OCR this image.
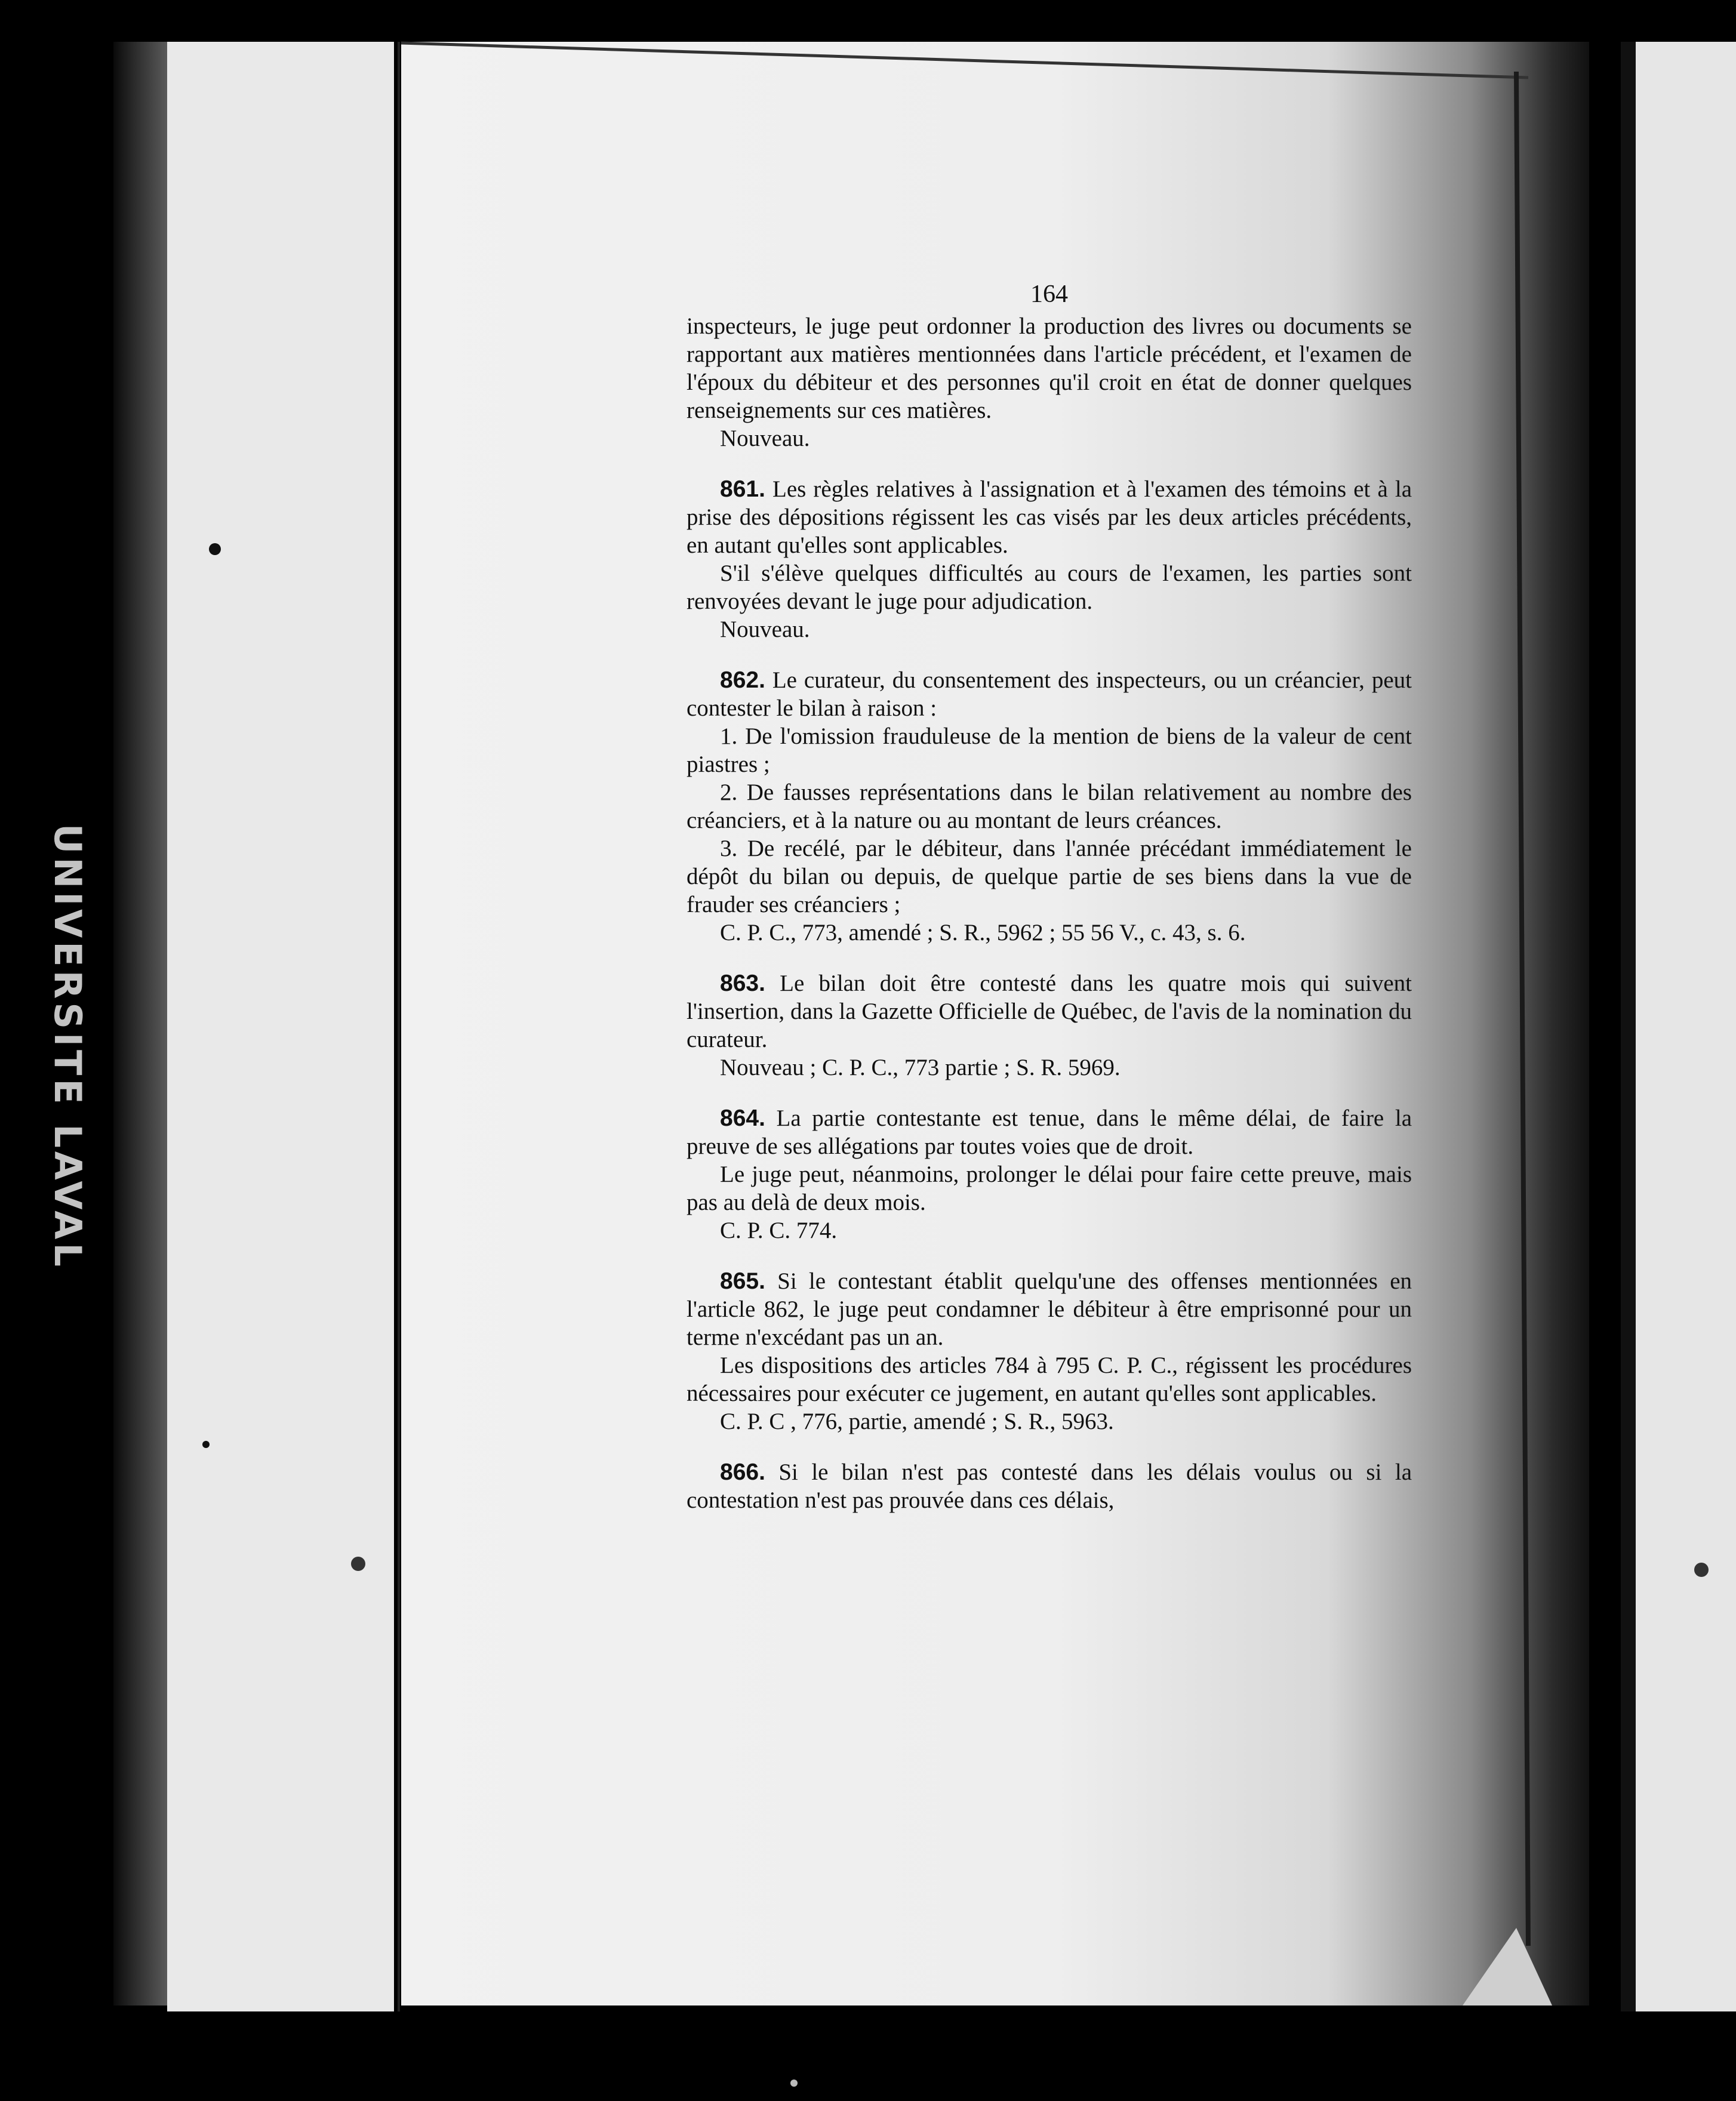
UNIVERSITE LAVAL
164

inspecteurs, le juge peut ordonner la production des livres ou documents se rapportant aux matières mentionnées dans l'article précédent, et l'examen de l'époux du débiteur et des personnes qu'il croit en état de donner quelques renseignements sur ces matières.

Nouveau.

861. Les règles relatives à l'assignation et à l'examen des témoins et à la prise des dépositions régissent les cas visés par les deux articles précédents, en autant qu'elles sont applicables.

S'il s'élève quelques difficultés au cours de l'examen, les parties sont renvoyées devant le juge pour adjudication.

Nouveau.

862. Le curateur, du consentement des inspecteurs, ou un créancier, peut contester le bilan à raison :

1. De l'omission frauduleuse de la mention de biens de la valeur de cent piastres ;

2. De fausses représentations dans le bilan relativement au nombre des créanciers, et à la nature ou au montant de leurs créances.

3. De recélé, par le débiteur, dans l'année précédant immédiatement le dépôt du bilan ou depuis, de quelque partie de ses biens dans la vue de frauder ses créanciers ;

C. P. C., 773, amendé ; S. R., 5962 ; 55 56 V., c. 43, s. 6.

863. Le bilan doit être contesté dans les quatre mois qui suivent l'insertion, dans la Gazette Officielle de Québec, de l'avis de la nomination du curateur.

Nouveau ; C. P. C., 773 partie ; S. R. 5969.

864. La partie contestante est tenue, dans le même délai, de faire la preuve de ses allégations par toutes voies que de droit.

Le juge peut, néanmoins, prolonger le délai pour faire cette preuve, mais pas au delà de deux mois.

C. P. C. 774.

865. Si le contestant établit quelqu'une des offenses mentionnées en l'article 862, le juge peut condamner le débiteur à être emprisonné pour un terme n'excédant pas un an.

Les dispositions des articles 784 à 795 C. P. C., régissent les procédures nécessaires pour exécuter ce jugement, en autant qu'elles sont applicables.

C. P. C , 776, partie, amendé ; S. R., 5963.

866. Si le bilan n'est pas contesté dans les délais voulus ou si la contestation n'est pas prouvée dans ces délais,
